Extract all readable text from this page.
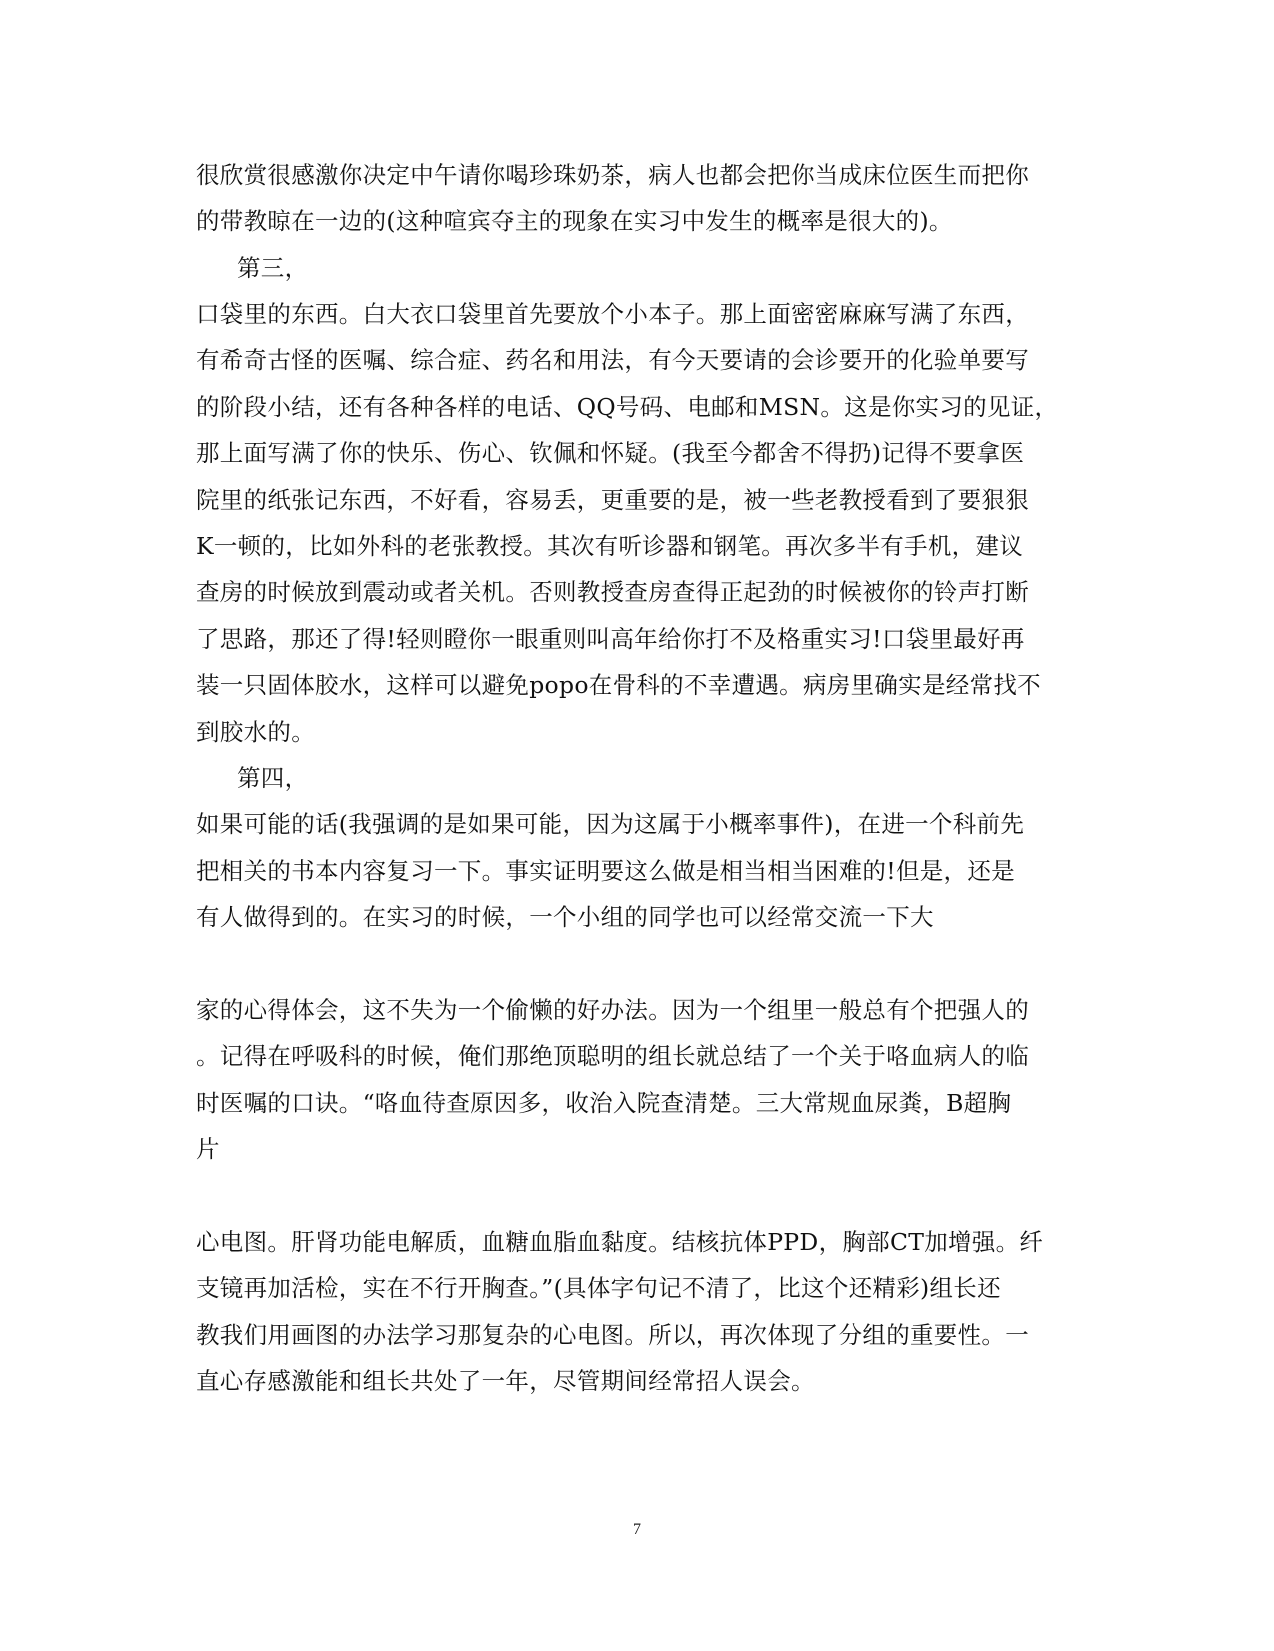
很欣赏很感激你决定中午请你喝珍珠奶茶，病人也都会把你当成床位医生而把你
的带教晾在一边的(这种喧宾夺主的现象在实习中发生的概率是很大的)。
第三，
口袋里的东西。白大衣口袋里首先要放个小本子。那上面密密麻麻写满了东西，
有希奇古怪的医嘱、综合症、药名和用法，有今天要请的会诊要开的化验单要写
的阶段小结，还有各种各样的电话、QQ号码、电邮和MSN。这是你实习的见证，
那上面写满了你的快乐、伤心、钦佩和怀疑。(我至今都舍不得扔)记得不要拿医
院里的纸张记东西，不好看，容易丢，更重要的是，被一些老教授看到了要狠狠
K一顿的，比如外科的老张教授。其次有听诊器和钢笔。再次多半有手机，建议
查房的时候放到震动或者关机。否则教授查房查得正起劲的时候被你的铃声打断
了思路，那还了得!轻则瞪你一眼重则叫高年给你打不及格重实习!口袋里最好再
装一只固体胶水，这样可以避免popo在骨科的不幸遭遇。病房里确实是经常找不
到胶水的。
第四，
如果可能的话(我强调的是如果可能，因为这属于小概率事件)，在进一个科前先
把相关的书本内容复习一下。事实证明要这么做是相当相当困难的!但是，还是
有人做得到的。在实习的时候，一个小组的同学也可以经常交流一下大
家的心得体会，这不失为一个偷懒的好办法。因为一个组里一般总有个把强人的
。记得在呼吸科的时候，俺们那绝顶聪明的组长就总结了一个关于咯血病人的临
时医嘱的口诀。“咯血待查原因多，收治入院查清楚。三大常规血尿粪，B超胸
片
心电图。肝肾功能电解质，血糖血脂血黏度。结核抗体PPD，胸部CT加增强。纤
支镜再加活检，实在不行开胸查。”(具体字句记不清了，比这个还精彩)组长还
教我们用画图的办法学习那复杂的心电图。所以，再次体现了分组的重要性。一
直心存感激能和组长共处了一年，尽管期间经常招人误会。
7
